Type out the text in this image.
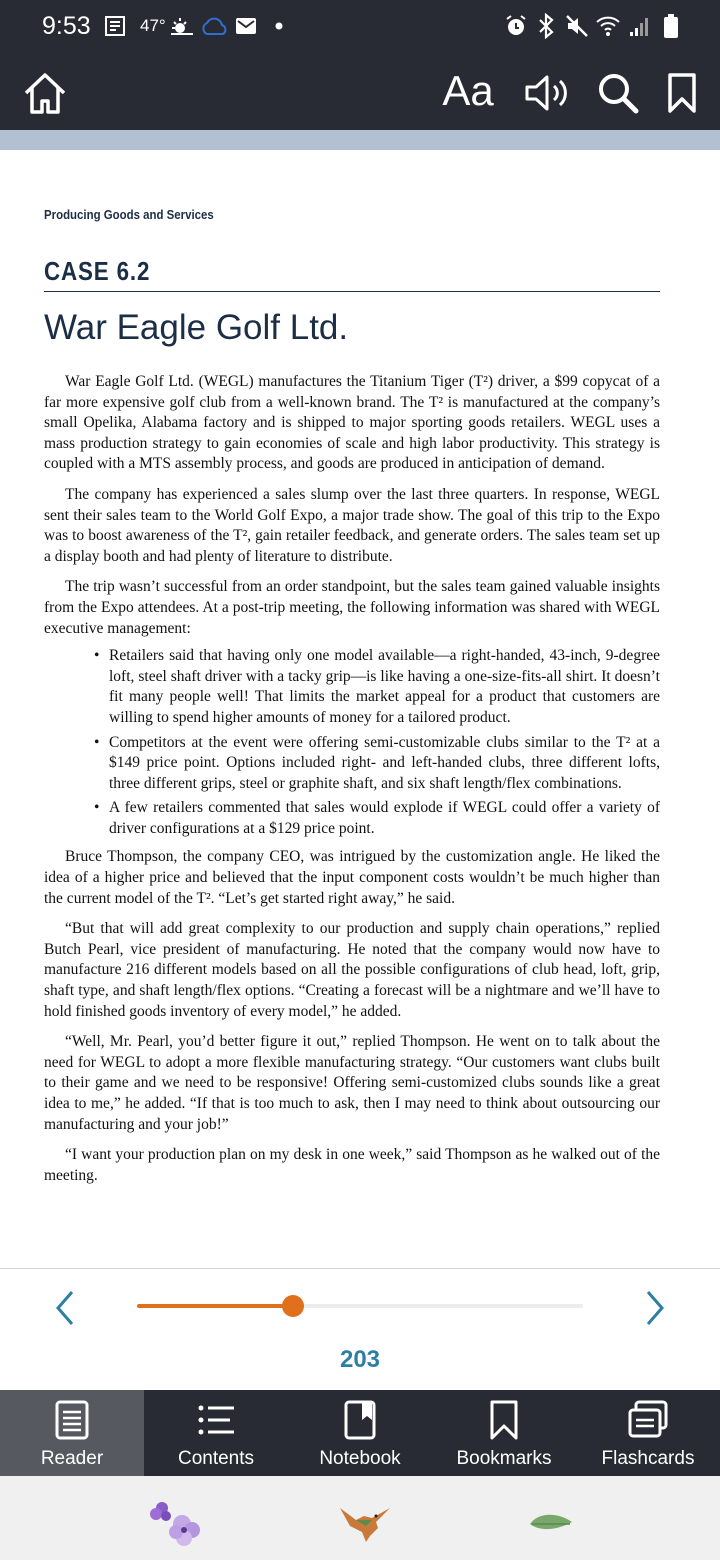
9:53	47°
Aa
Producing Goods and Services
CASE 6.2
War Eagle Golf Ltd.

War Eagle Golf Ltd. (WEGL) manufactures the Titanium Tiger (T²) driver, a $99 copycat of a far more expensive golf club from a well-known brand. The T² is manufactured at the company’s small Opelika, Alabama factory and is shipped to major sporting goods retailers. WEGL uses a mass production strategy to gain economies of scale and high labor productivity. This strategy is coupled with a MTS assembly process, and goods are produced in anticipation of demand.

The company has experienced a sales slump over the last three quarters. In response, WEGL sent their sales team to the World Golf Expo, a major trade show. The goal of this trip to the Expo was to boost awareness of the T², gain retailer feedback, and generate orders. The sales team set up a display booth and had plenty of literature to distribute.

The trip wasn’t successful from an order standpoint, but the sales team gained valuable insights from the Expo attendees. At a post-trip meeting, the following information was shared with WEGL executive management:

• Retailers said that having only one model available—a right-handed, 43-inch, 9-degree loft, steel shaft driver with a tacky grip—is like having a one-size-fits-all shirt. It doesn’t fit many people well! That limits the market appeal for a product that customers are willing to spend higher amounts of money for a tailored product.
• Competitors at the event were offering semi-customizable clubs similar to the T² at a $149 price point. Options included right- and left-handed clubs, three different lofts, three different grips, steel or graphite shaft, and six shaft length/flex combinations.
• A few retailers commented that sales would explode if WEGL could offer a variety of driver configurations at a $129 price point.

Bruce Thompson, the company CEO, was intrigued by the customization angle. He liked the idea of a higher price and believed that the input component costs wouldn’t be much higher than the current model of the T². “Let’s get started right away,” he said.

“But that will add great complexity to our production and supply chain operations,” replied Butch Pearl, vice president of manufacturing. He noted that the company would now have to manufacture 216 different models based on all the possible configurations of club head, loft, grip, shaft type, and shaft length/flex options. “Creating a forecast will be a nightmare and we’ll have to hold finished goods inventory of every model,” he added.

“Well, Mr. Pearl, you’d better figure it out,” replied Thompson. He went on to talk about the need for WEGL to adopt a more flexible manufacturing strategy. “Our customers want clubs built to their game and we need to be responsive! Offering semi-customized clubs sounds like a great idea to me,” he added. “If that is too much to ask, then I may need to think about outsourcing our manufacturing and your job!”

“I want your production plan on my desk in one week,” said Thompson as he walked out of the meeting.

203
Reader	Contents	Notebook	Bookmarks	Flashcards
